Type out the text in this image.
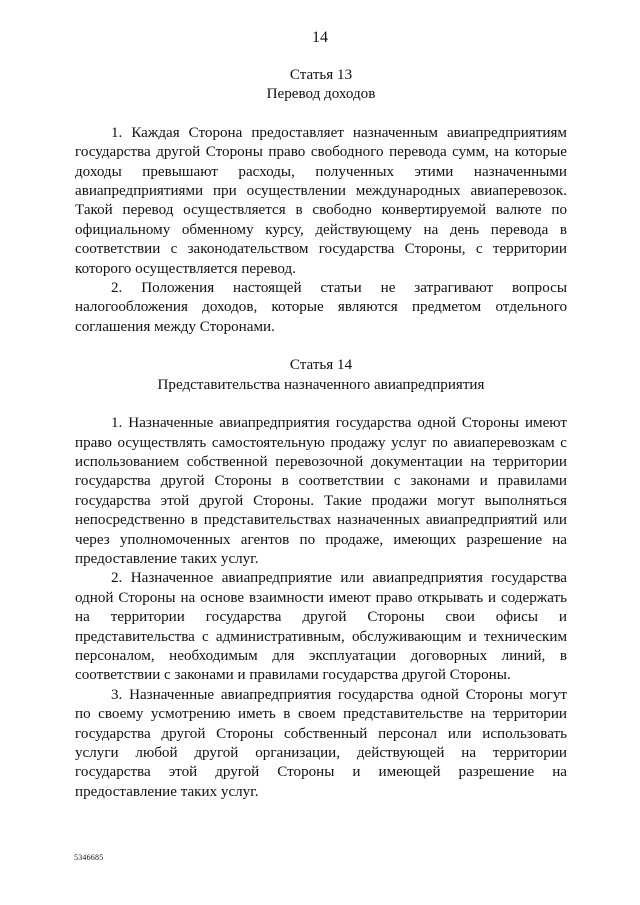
14
Статья 13
Перевод доходов

1. Каждая Сторона предоставляет назначенным авиапредприятиям государства другой Стороны право свободного перевода сумм, на которые доходы превышают расходы, полученных этими назначенными авиапредприятиями при осуществлении международных авиаперевозок. Такой перевод осуществляется в свободно конвертируемой валюте по официальному обменному курсу, действующему на день перевода в соответствии с законодательством государства Стороны, с территории которого осуществляется перевод.

2. Положения настоящей статьи не затрагивают вопросы налогообложения доходов, которые являются предметом отдельного соглашения между Сторонами.

Статья 14
Представительства назначенного авиапредприятия

1. Назначенные авиапредприятия государства одной Стороны имеют право осуществлять самостоятельную продажу услуг по авиаперевозкам с использованием собственной перевозочной документации на территории государства другой Стороны в соответствии с законами и правилами государства этой другой Стороны. Такие продажи могут выполняться непосредственно в представительствах назначенных авиапредприятий или через уполномоченных агентов по продаже, имеющих разрешение на предоставление таких услуг.

2. Назначенное авиапредприятие или авиапредприятия государства одной Стороны на основе взаимности имеют право открывать и содержать на территории государства другой Стороны свои офисы и представительства с административным, обслуживающим и техническим персоналом, необходимым для эксплуатации договорных линий, в соответствии с законами и правилами государства другой Стороны.

3. Назначенные авиапредприятия государства одной Стороны могут по своему усмотрению иметь в своем представительстве на территории государства другой Стороны собственный персонал или использовать услуги любой другой организации, действующей на территории государства этой другой Стороны и имеющей разрешение на предоставление таких услуг.

5346685
